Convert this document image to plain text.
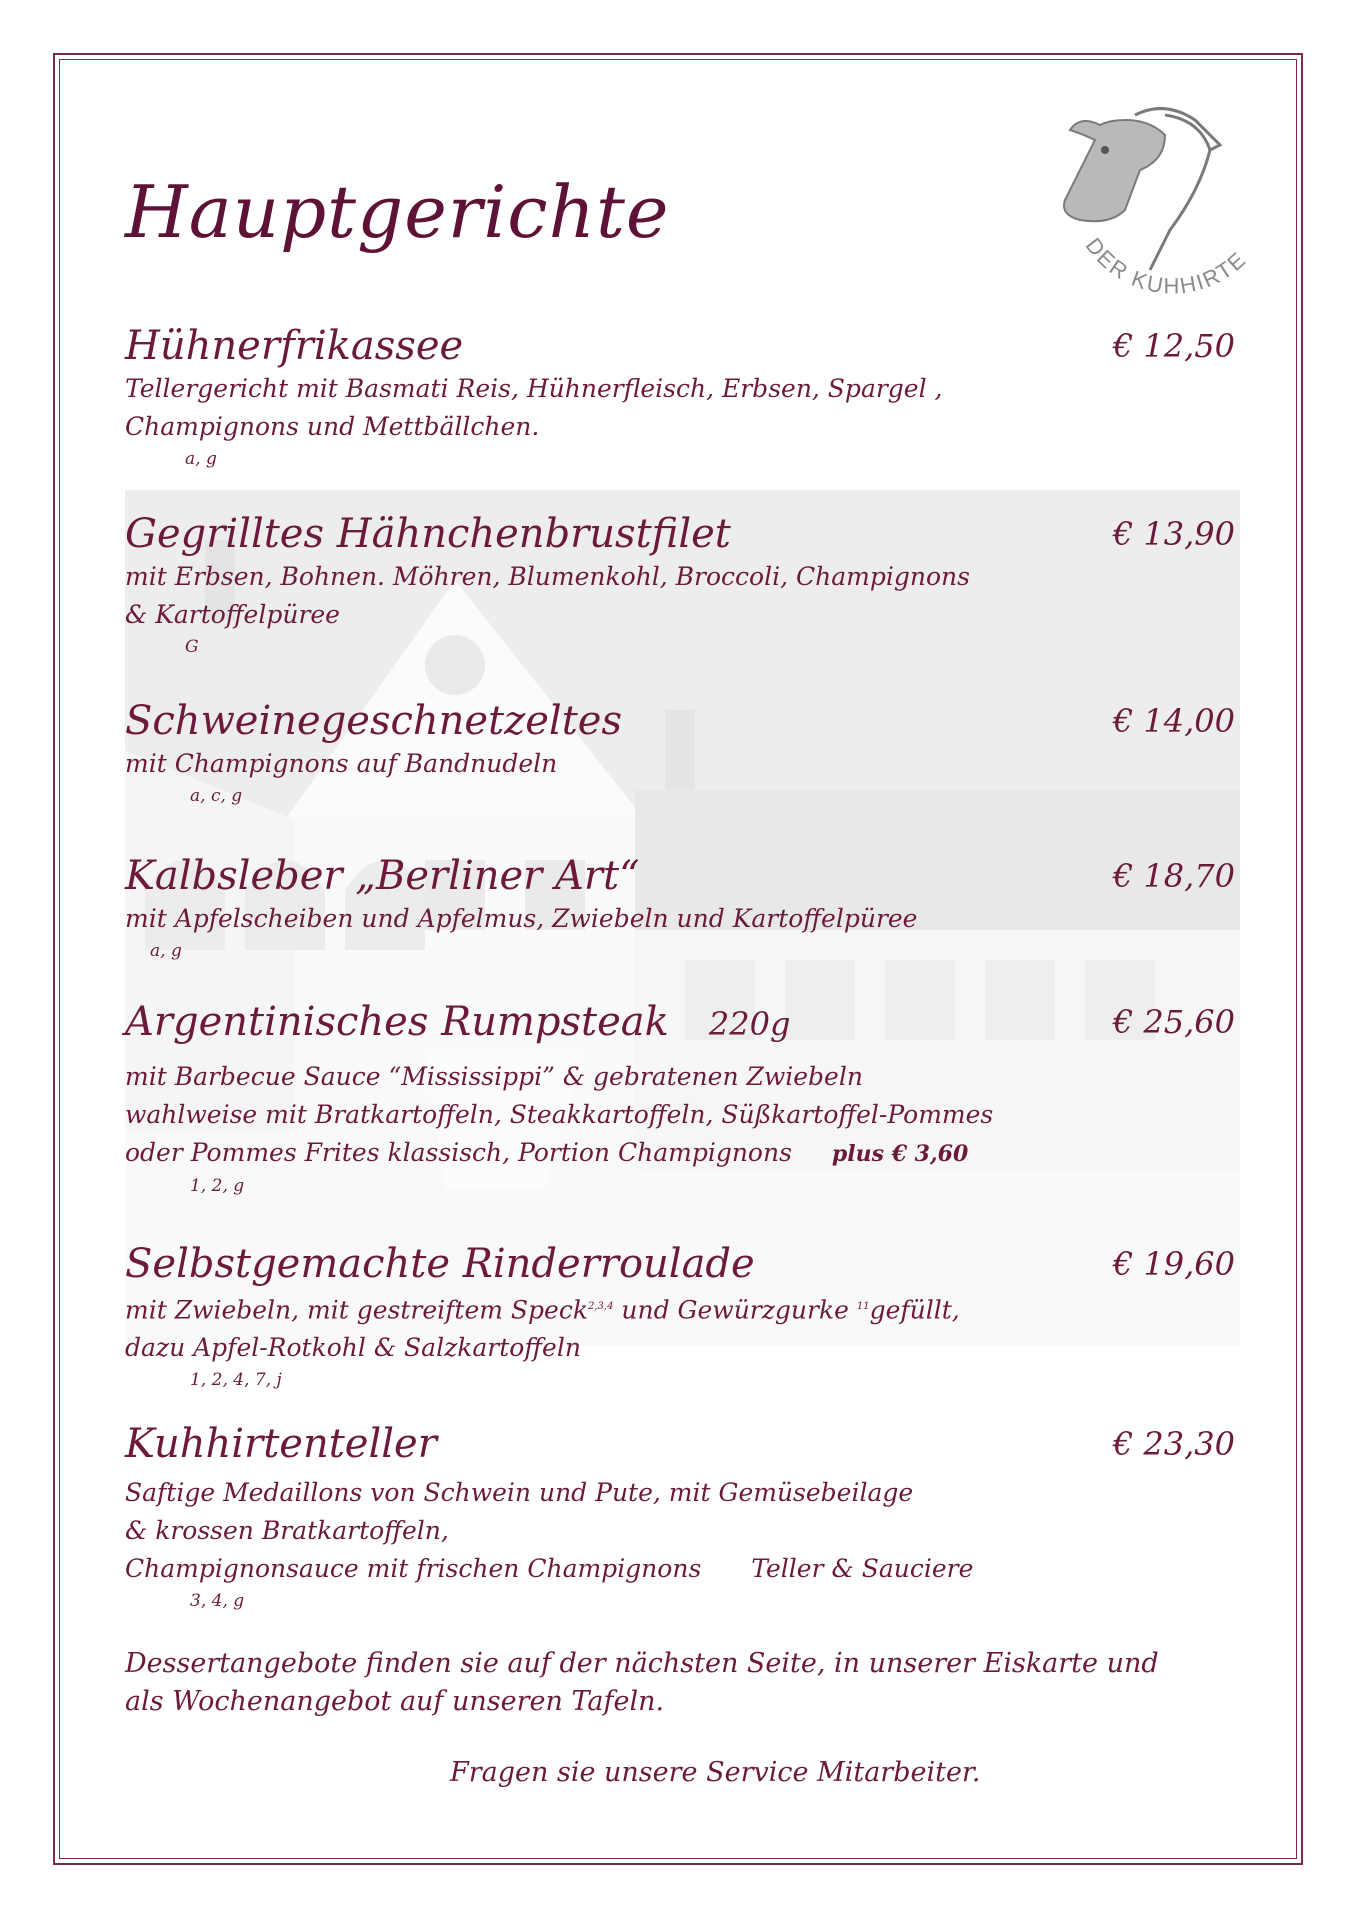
DER KUHHIRTE
Hauptgerichte
Hühnerfrikassee	€ 12,50
Tellergericht mit Basmati Reis, Hühnerfleisch, Erbsen, Spargel ,
Champignons und Mettbällchen.
a, g
Gegrilltes Hähnchenbrustfilet	€ 13,90
mit Erbsen, Bohnen. Möhren, Blumenkohl, Broccoli, Champignons
& Kartoffelpüree
G
Schweinegeschnetzeltes	€ 14,00
mit Champignons auf Bandnudeln
a, c, g
Kalbsleber „Berliner Art“	€ 18,70
mit Apfelscheiben und Apfelmus, Zwiebeln und Kartoffelpüree
a, g
Argentinisches Rumpsteak 220g	€ 25,60
mit Barbecue Sauce “Mississippi” & gebratenen Zwiebeln
wahlweise mit Bratkartoffeln, Steakkartoffeln, Süßkartoffel-Pommes
oder Pommes Frites klassisch, Portion Champignons plus € 3,60
1, 2, g
Selbstgemachte Rinderroulade	€ 19,60
mit Zwiebeln, mit gestreiftem Speck$^{2,3,4}$ und Gewürzgurke $^{11}$gefüllt,
dazu Apfel-Rotkohl & Salzkartoffeln
1, 2, 4, 7, j
Kuhhirtenteller	€ 23,30
Saftige Medaillons von Schwein und Pute, mit Gemüsebeilage
& krossen Bratkartoffeln,
Champignonsauce mit frischen Champignons Teller & Sauciere
3, 4, g
Dessertangebote finden sie auf der nächsten Seite, in unserer Eiskarte und
als Wochenangebot auf unseren Tafeln.
Fragen sie unsere Service Mitarbeiter.
